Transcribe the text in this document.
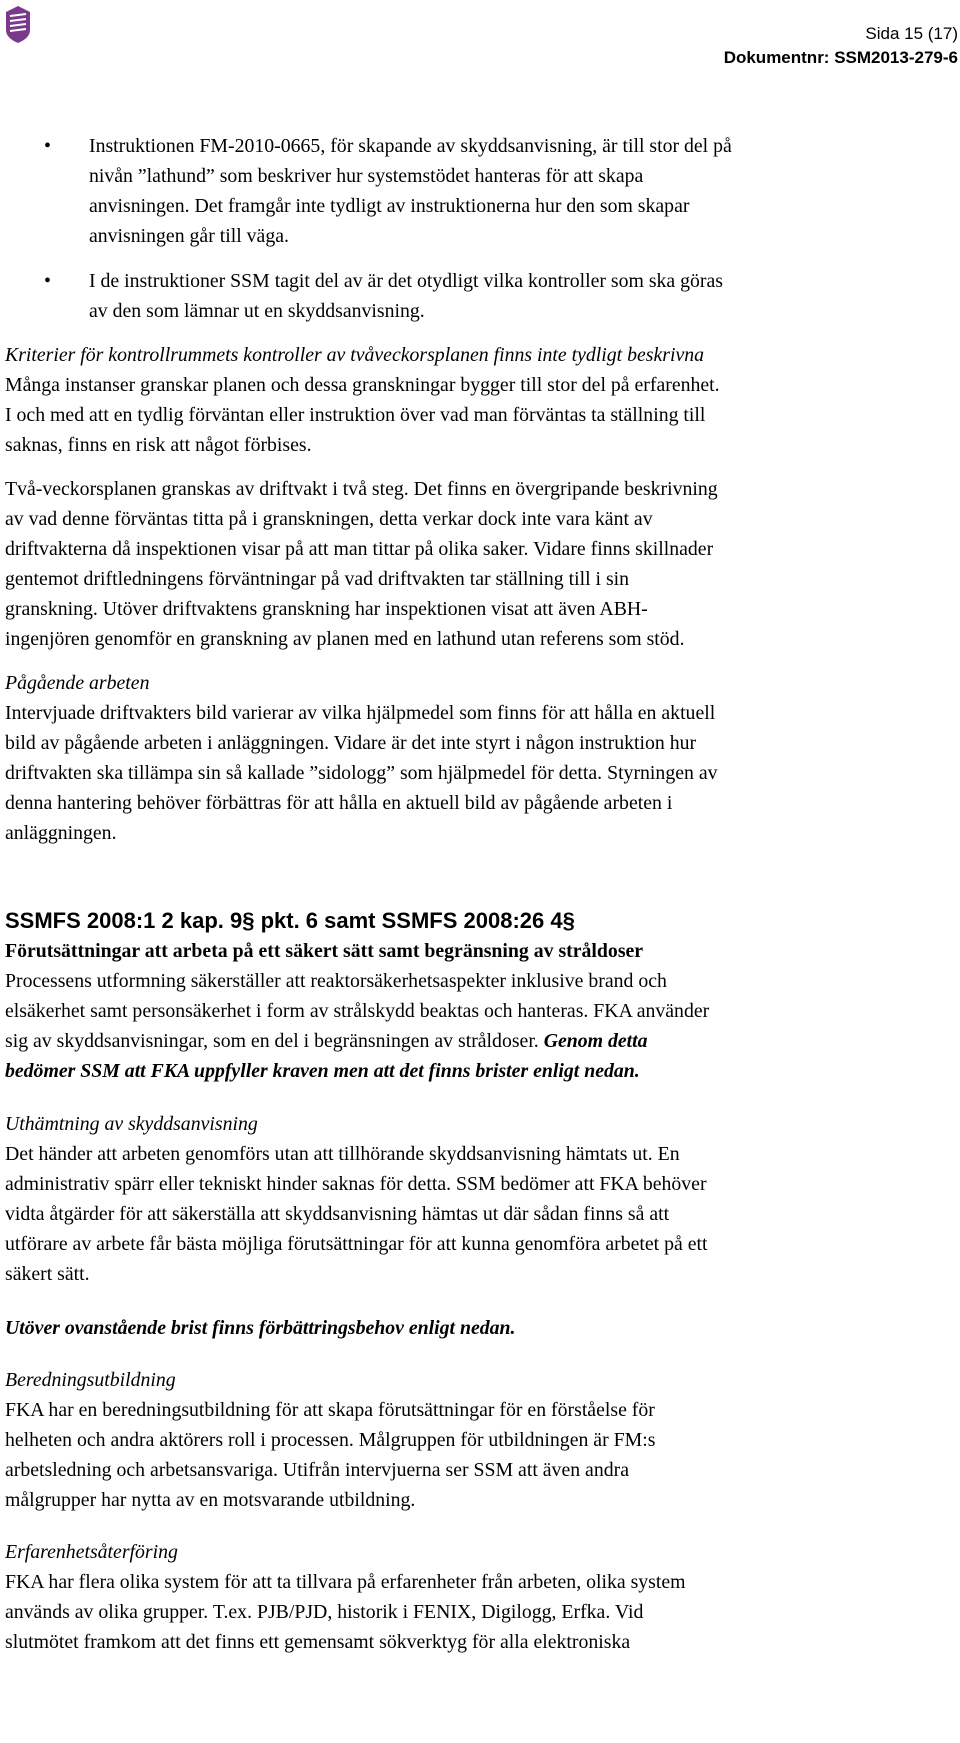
Sida 15 (17)
Dokumentnr: SSM2013-279-6
• Instruktionen FM-2010-0665, för skapande av skyddsanvisning, är till stor del på
nivån ”lathund” som beskriver hur systemstödet hanteras för att skapa
anvisningen. Det framgår inte tydligt av instruktionerna hur den som skapar
anvisningen går till väga.
• I de instruktioner SSM tagit del av är det otydligt vilka kontroller som ska göras
av den som lämnar ut en skyddsanvisning.
Kriterier för kontrollrummets kontroller av tvåveckorsplanen finns inte tydligt beskrivna
Många instanser granskar planen och dessa granskningar bygger till stor del på erfarenhet.
I och med att en tydlig förväntan eller instruktion över vad man förväntas ta ställning till
saknas, finns en risk att något förbises.
Två-veckorsplanen granskas av driftvakt i två steg. Det finns en övergripande beskrivning
av vad denne förväntas titta på i granskningen, detta verkar dock inte vara känt av
driftvakterna då inspektionen visar på att man tittar på olika saker. Vidare finns skillnader
gentemot driftledningens förväntningar på vad driftvakten tar ställning till i sin
granskning. Utöver driftvaktens granskning har inspektionen visat att även ABH-
ingenjören genomför en granskning av planen med en lathund utan referens som stöd.
Pågående arbeten
Intervjuade driftvakters bild varierar av vilka hjälpmedel som finns för att hålla en aktuell
bild av pågående arbeten i anläggningen. Vidare är det inte styrt i någon instruktion hur
driftvakten ska tillämpa sin så kallade ”sidologg” som hjälpmedel för detta. Styrningen av
denna hantering behöver förbättras för att hålla en aktuell bild av pågående arbeten i
anläggningen.
SSMFS 2008:1 2 kap. 9§ pkt. 6 samt SSMFS 2008:26 4§
Förutsättningar att arbeta på ett säkert sätt samt begränsning av stråldoser
Processens utformning säkerställer att reaktorsäkerhetsaspekter inklusive brand och
elsäkerhet samt personsäkerhet i form av strålskydd beaktas och hanteras. FKA använder
sig av skyddsanvisningar, som en del i begränsningen av stråldoser. Genom detta
bedömer SSM att FKA uppfyller kraven men att det finns brister enligt nedan.
Uthämtning av skyddsanvisning
Det händer att arbeten genomförs utan att tillhörande skyddsanvisning hämtats ut. En
administrativ spärr eller tekniskt hinder saknas för detta. SSM bedömer att FKA behöver
vidta åtgärder för att säkerställa att skyddsanvisning hämtas ut där sådan finns så att
utförare av arbete får bästa möjliga förutsättningar för att kunna genomföra arbetet på ett
säkert sätt.
Utöver ovanstående brist finns förbättringsbehov enligt nedan.
Beredningsutbildning
FKA har en beredningsutbildning för att skapa förutsättningar för en förståelse för
helheten och andra aktörers roll i processen. Målgruppen för utbildningen är FM:s
arbetsledning och arbetsansvariga. Utifrån intervjuerna ser SSM att även andra
målgrupper har nytta av en motsvarande utbildning.
Erfarenhetsåterföring
FKA har flera olika system för att ta tillvara på erfarenheter från arbeten, olika system
används av olika grupper. T.ex. PJB/PJD, historik i FENIX, Digilogg, Erfka. Vid
slutmötet framkom att det finns ett gemensamt sökverktyg för alla elektroniska
